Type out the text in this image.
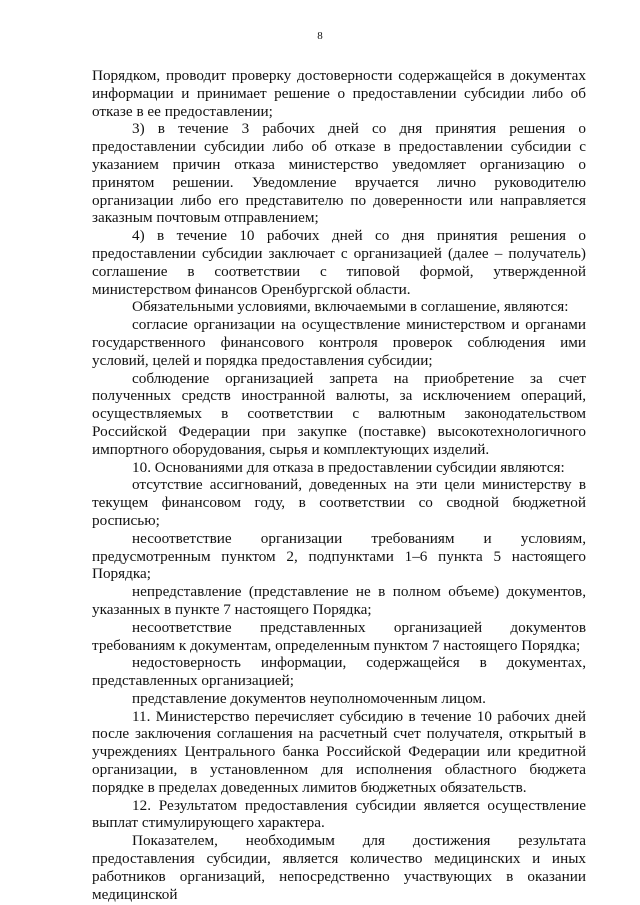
8

Порядком, проводит проверку достоверности содержащейся в документах информации и принимает решение о предоставлении субсидии либо об отказе в ее предоставлении;

3) в течение 3 рабочих дней со дня принятия решения о предоставлении субсидии либо об отказе в предоставлении субсидии с указанием причин отказа министерство уведомляет организацию о принятом решении. Уведомление вручается лично руководителю организации либо его представителю по доверенности или направляется заказным почтовым отправлением;

4) в течение 10 рабочих дней со дня принятия решения о предоставлении субсидии заключает с организацией (далее – получатель) соглашение в соответствии с типовой формой, утвержденной министерством финансов Оренбургской области.

Обязательными условиями, включаемыми в соглашение, являются:

согласие организации на осуществление министерством и органами государственного финансового контроля проверок соблюдения ими условий, целей и порядка предоставления субсидии;

соблюдение организацией запрета на приобретение за счет полученных средств иностранной валюты, за исключением операций, осуществляемых в соответствии с валютным законодательством Российской Федерации при закупке (поставке) высокотехнологичного импортного оборудования, сырья и комплектующих изделий.

10. Основаниями для отказа в предоставлении субсидии являются:

отсутствие ассигнований, доведенных на эти цели министерству в текущем финансовом году, в соответствии со сводной бюджетной росписью;

несоответствие организации требованиям и условиям, предусмотренным пунктом 2, подпунктами 1–6 пункта 5 настоящего Порядка;

непредставление (представление не в полном объеме) документов, указанных в пункте 7 настоящего Порядка;

несоответствие представленных организацией документов требованиям к документам, определенным пунктом 7 настоящего Порядка;

недостоверность информации, содержащейся в документах, представленных организацией;

представление документов неуполномоченным лицом.

11. Министерство перечисляет субсидию в течение 10 рабочих дней после заключения соглашения на расчетный счет получателя, открытый в учреждениях Центрального банка Российской Федерации или кредитной организации, в установленном для исполнения областного бюджета порядке в пределах доведенных лимитов бюджетных обязательств.

12. Результатом предоставления субсидии является осуществление выплат стимулирующего характера.

Показателем, необходимым для достижения результата предоставления субсидии, является количество медицинских и иных работников организаций, непосредственно участвующих в оказании медицинской
